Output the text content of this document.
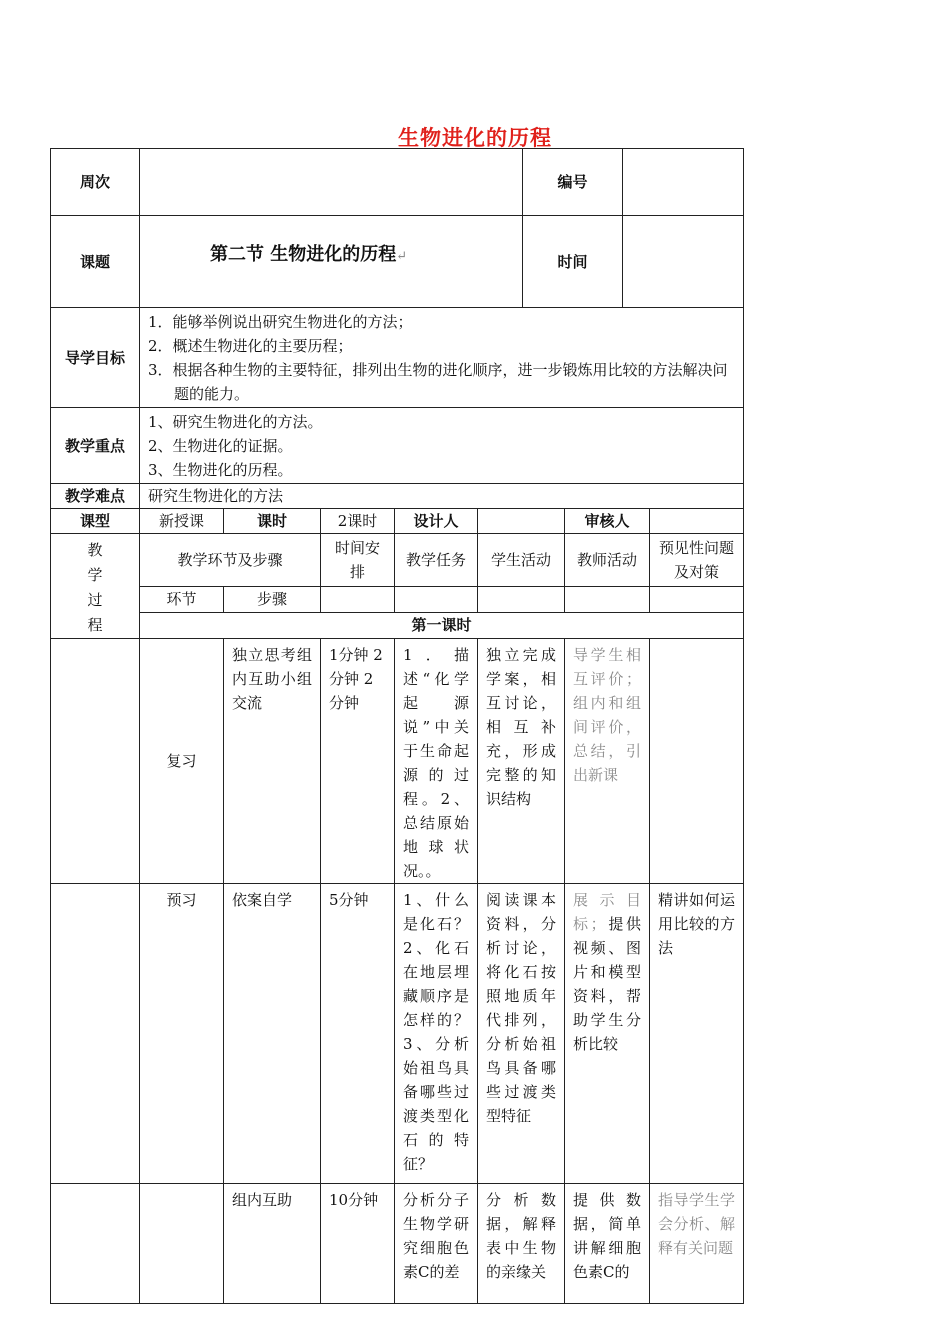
生物进化的历程
周次		编号	
课题	第二节 生物进化的历程↵	时间	
导学目标	1．能够举例说出研究生物进化的方法；
2．概述生物进化的主要历程；
3．根据各种生物的主要特征，排列出生物的进化顺序，进一步锻炼用比较的方法解决问题的能力。

教学重点	1、研究生物进化的方法。
2、生物进化的证据。
3、生物进化的历程。

教学难点	研究生物进化的方法
课型	新授课	课时	2课时	设计人		审核人	

教学过程	教学环节及步骤		时间安排	教学任务	学生活动	教师活动	预见性问题及对策
	环节	步骤					
	第一课时						
	复习	独立思考组内互助小组交流	1分钟 2分钟 2分钟	1．描述“化学起源说”中关于生命起源的过程。2、总结原始地球状况。。	独立完成学案，相互讨论，相互补充，形成完整的知识结构	导学生相互评价；组内和组间评价，总结，引出新课	
	预习	依案自学	5分钟	1、什么是化石？2、化石在地层埋藏顺序是怎样的？3、分析始祖鸟具备哪些过渡类型化石的特征？	阅读课本资料，分析讨论，将化石按照地质年代排列，分析始祖鸟具备哪些过渡类型特征	展示目标；提供视频、图片和模型资料，帮助学生分析比较	精讲如何运用比较的方法
		组内互助	10分钟	分析分子生物学研究细胞色素C的差	分析数据，解释表中生物的亲缘关	提供数据，简单讲解细胞色素C的	指导学生学会分析、解释有关问题
